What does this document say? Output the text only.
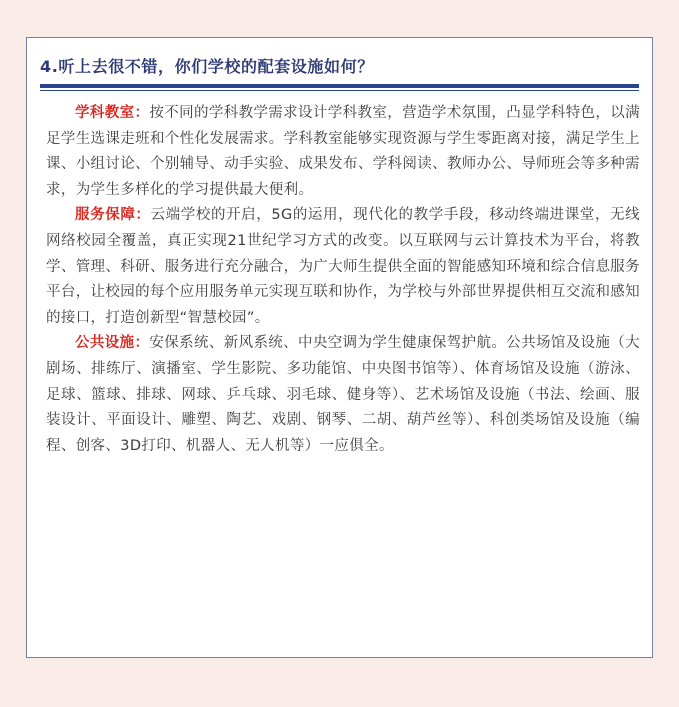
4.听上去很不错，你们学校的配套设施如何？

学科教室：按不同的学科教学需求设计学科教室，营造学术氛围，凸显学科特色，以满足学生选课走班和个性化发展需求。学科教室能够实现资源与学生零距离对接，满足学生上课、小组讨论、个别辅导、动手实验、成果发布、学科阅读、教师办公、导师班会等多种需求，为学生多样化的学习提供最大便利。

服务保障：云端学校的开启，5G的运用，现代化的教学手段，移动终端进课堂，无线网络校园全覆盖，真正实现21世纪学习方式的改变。以互联网与云计算技术为平台，将教学、管理、科研、服务进行充分融合，为广大师生提供全面的智能感知环境和综合信息服务平台，让校园的每个应用服务单元实现互联和协作，为学校与外部世界提供相互交流和感知的接口，打造创新型“智慧校园”。

公共设施：安保系统、新风系统、中央空调为学生健康保驾护航。公共场馆及设施（大剧场、排练厅、演播室、学生影院、多功能馆、中央图书馆等）、体育场馆及设施（游泳、足球、篮球、排球、网球、乒乓球、羽毛球、健身等）、艺术场馆及设施（书法、绘画、服装设计、平面设计、雕塑、陶艺、戏剧、钢琴、二胡、葫芦丝等）、科创类场馆及设施（编程、创客、3D打印、机器人、无人机等）一应俱全。
